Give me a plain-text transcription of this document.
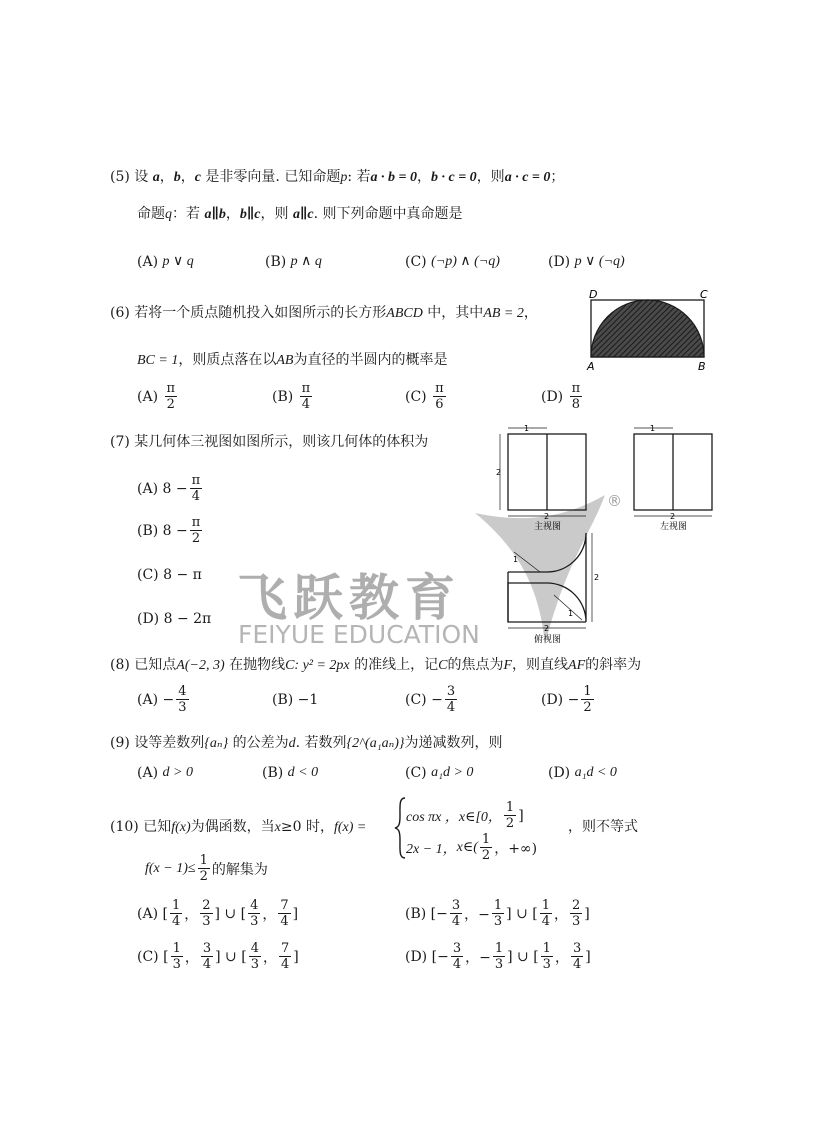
飞跃教育
FEIYUE EDUCATION
®
(5) 设 a，b，c 是非零向量. 已知命题p: 若a · b = 0，b · c = 0，则a · c = 0；
命题q：若 a∥b，b∥c，则 a∥c. 则下列命题中真命题是
(A)
p ∨ q	(B)
p ∧ q	(C)
(¬p) ∧ (¬q)	(D)
p ∨ (¬q)
(6) 若将一个质点随机投入如图所示的长方形ABCD 中，其中AB = 2，
BC = 1，则质点落在以AB为直径的半圆内的概率是
D	C
A	B
(A)
$\frac{\pi}{2}$	(B)
$\frac{\pi}{4}$	(C)
$\frac{\pi}{6}$	(D)
$\frac{\pi}{8}$
(7) 某几何体三视图如图所示，则该几何体的体积为
(A)
$8 - \frac{\pi}{4}$
(B)
$8 - \frac{\pi}{2}$
(C)
8 − π
(D)
8 − 2π
1
2
2
1
2
主视图	左视图
1
1
2
2
俯视图
(8) 已知点A(−2, 3) 在抛物线C: y² = 2px 的准线上，记C的焦点为F，则直线AF的斜率为
(A)
− $\frac{4}{3}$	(B)
−1	(C)
− $\frac{3}{4}$	(D)
− $\frac{1}{2}$
(9) 设等差数列{aₙ} 的公差为d. 若数列{2^(a₁aₙ)}为递减数列，则
(A)
d > 0	(B)
d < 0	(C)
a₁d > 0	(D)
a₁d < 0
(10) 已知f(x)为偶函数，当x≥0 时，f(x) =
cos πx ， x∈[0， $\frac{1}{2}$ ]
2x − 1， x∈( $\frac{1}{2}$ ，+∞)
，则不等式
$f(x - 1)\le \frac{1}{2}$ 的解集为
(A)
[ $\frac{1}{4}$ ， $\frac{2}{3}$ ] ∪ [ $\frac{4}{3}$ ， $\frac{7}{4}$ ]	(B)
[− $\frac{3}{4}$ ，− $\frac{1}{3}$ ] ∪ [ $\frac{1}{4}$ ， $\frac{2}{3}$ ]
(C)
[ $\frac{1}{3}$ ， $\frac{3}{4}$ ] ∪ [ $\frac{4}{3}$ ， $\frac{7}{4}$ ]	(D)
[− $\frac{3}{4}$ ，− $\frac{1}{3}$ ] ∪ [ $\frac{1}{3}$ ， $\frac{3}{4}$ ]
